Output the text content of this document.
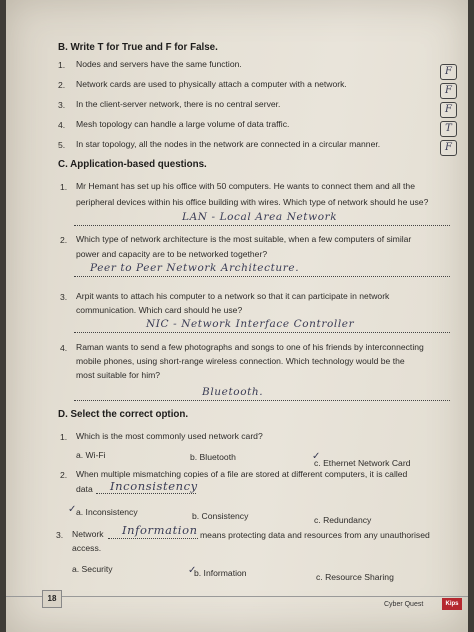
B. Write T for True and F for False.
1. Nodes and servers have the same function.
F
2. Network cards are used to physically attach a computer with a network.
F
3. In the client-server network, there is no central server.	F
4. Mesh topology can handle a large volume of data traffic.	T
5. In star topology, all the nodes in the network are connected in a circular manner.	F
C. Application-based questions.
1. Mr Hemant has set up his office with 50 computers. He wants to connect them and all the
peripheral devices within his office building with wires. Which type of network should he use?
LAN - Local Area Network
2. Which type of network architecture is the most suitable, when a few computers of similar
power and capacity are to be networked together?
Peer to Peer Network Architecture.
3. Arpit wants to attach his computer to a network so that it can participate in network
communication. Which card should he use?
NIC - Network Interface Controller
4. Raman wants to send a few photographs and songs to one of his friends by interconnecting
mobile phones, using short-range wireless connection. Which technology would be the
most suitable for him?
Bluetooth.
D. Select the correct option.
1. Which is the most commonly used network card?
a. Wi-Fi	b. Bluetooth	✓
c. Ethernet Network Card
2. When multiple mismatching copies of a file are stored at different computers, it is called
data Inconsistency
✓ a. Inconsistency	b. Consistency	c. Redundancy
3. Network Information means protecting data and resources from any unauthorised
access.
a. Security	✓
b. Information	c. Resource Sharing
18
Cyber Quest	Kips
